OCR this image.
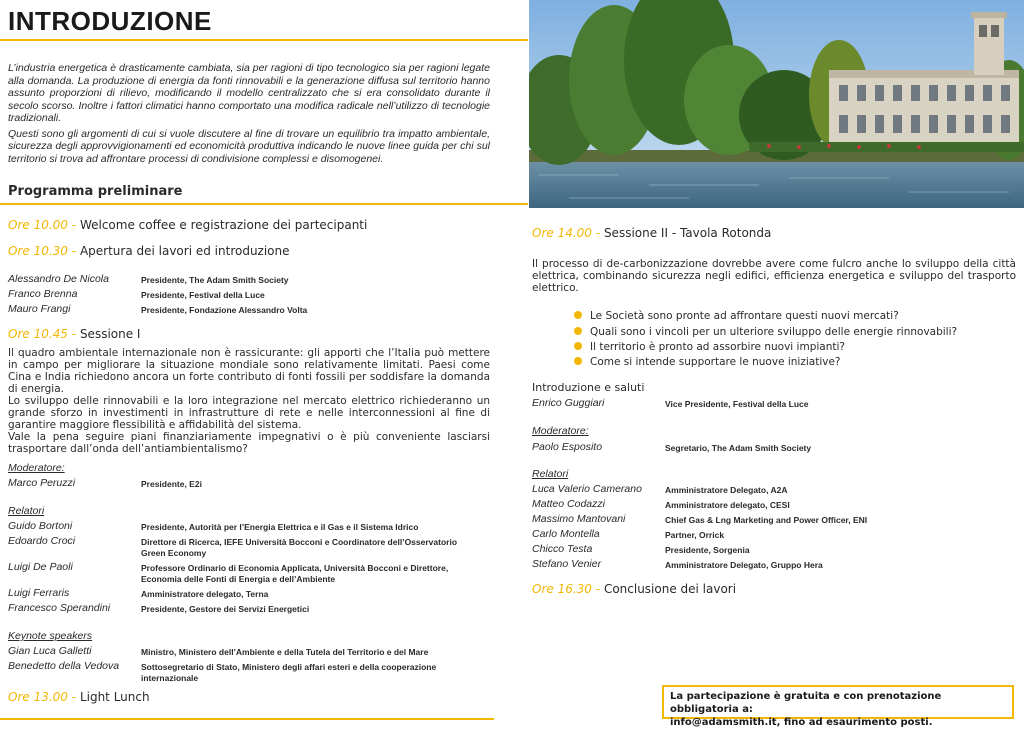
INTRODUZIONE

L’industria energetica è drasticamente cambiata, sia per ragioni di tipo tecnologico sia per ragioni legate alla domanda. La produzione di energia da fonti rinnovabili e la generazione diffusa sul territorio hanno assunto proporzioni di rilievo, modificando il modello centralizzato che si era consolidato durante il secolo scorso. Inoltre i fattori climatici hanno comportato una modifica radicale nell’utilizzo di tecnologie tradizionali.

Questi sono gli argomenti di cui si vuole discutere al fine di trovare un equilibrio tra impatto ambientale, sicurezza degli approvvigionamenti ed economicità produttiva indicando le nuove linee guida per chi sul territorio si trova ad affrontare processi di condivisione complessi e disomogenei.

Programma preliminare
Ore 10.00 - Welcome coffee e registrazione dei partecipanti
Ore 10.30 - Apertura dei lavori ed introduzione
Alessandro De Nicola	Presidente, The Adam Smith Society
Franco Brenna	Presidente, Festival della Luce
Mauro Frangi	Presidente, Fondazione Alessandro Volta
Ore 10.45 - Sessione I
Il quadro ambientale internazionale non è rassicurante: gli apporti che l’Italia può mettere in campo per migliorare la situazione mondiale sono relativamente limitati. Paesi come Cina e India richiedono ancora un forte contributo di fonti fossili per soddisfare la domanda di energia.
Lo sviluppo delle rinnovabili e la loro integrazione nel mercato elettrico richiederanno un grande sforzo in investimenti in infrastrutture di rete e nelle interconnessioni al fine di garantire maggiore flessibilità e affidabilità del sistema.
Vale la pena seguire piani finanziariamente impegnativi o è più conveniente lasciarsi trasportare dall’onda dell’antiambientalismo?
Moderatore:
Marco Peruzzi	Presidente, E2i
Relatori
Guido Bortoni	Presidente, Autorità per l’Energia Elettrica e il Gas e il Sistema Idrico
Edoardo Croci	Direttore di Ricerca, IEFE Università Bocconi e Coordinatore dell’Osservatorio Green Economy
Luigi De Paoli	Professore Ordinario di Economia Applicata, Università Bocconi e Direttore, Economia delle Fonti di Energia e dell’Ambiente
Luigi Ferraris	Amministratore delegato, Terna
Francesco Sperandini	Presidente, Gestore dei Servizi Energetici
Keynote speakers
Gian Luca Galletti	Ministro, Ministero dell’Ambiente e della Tutela del Territorio e del Mare
Benedetto della Vedova	Sottosegretario di Stato, Ministero degli affari esteri e della cooperazione internazionale
Ore 13.00 - Light Lunch
Ore 14.00 - Sessione II - Tavola Rotonda
Il processo di de-carbonizzazione dovrebbe avere come fulcro anche lo sviluppo della città elettrica, combinando sicurezza negli edifici, efficienza energetica e sviluppo del trasporto elettrico.
Le Società sono pronte ad affrontare questi nuovi mercati?
Quali sono i vincoli per un ulteriore sviluppo delle energie rinnovabili?
Il territorio è pronto ad assorbire nuovi impianti?
Come si intende supportare le nuove iniziative?
Introduzione e saluti
Enrico Guggiari	Vice Presidente, Festival della Luce
Moderatore:
Paolo Esposito	Segretario, The Adam Smith Society
Relatori
Luca Valerio Camerano	Amministratore Delegato, A2A
Matteo Codazzi	Amministratore delegato, CESI
Massimo Mantovani	Chief Gas & Lng Marketing and Power Officer, ENI
Carlo Montella	Partner, Orrick
Chicco Testa	Presidente, Sorgenia
Stefano Venier	Amministratore Delegato, Gruppo Hera
Ore 16.30 - Conclusione dei lavori
La partecipazione è gratuita e con prenotazione obbligatoria a:
info@adamsmith.it, fino ad esaurimento posti.
